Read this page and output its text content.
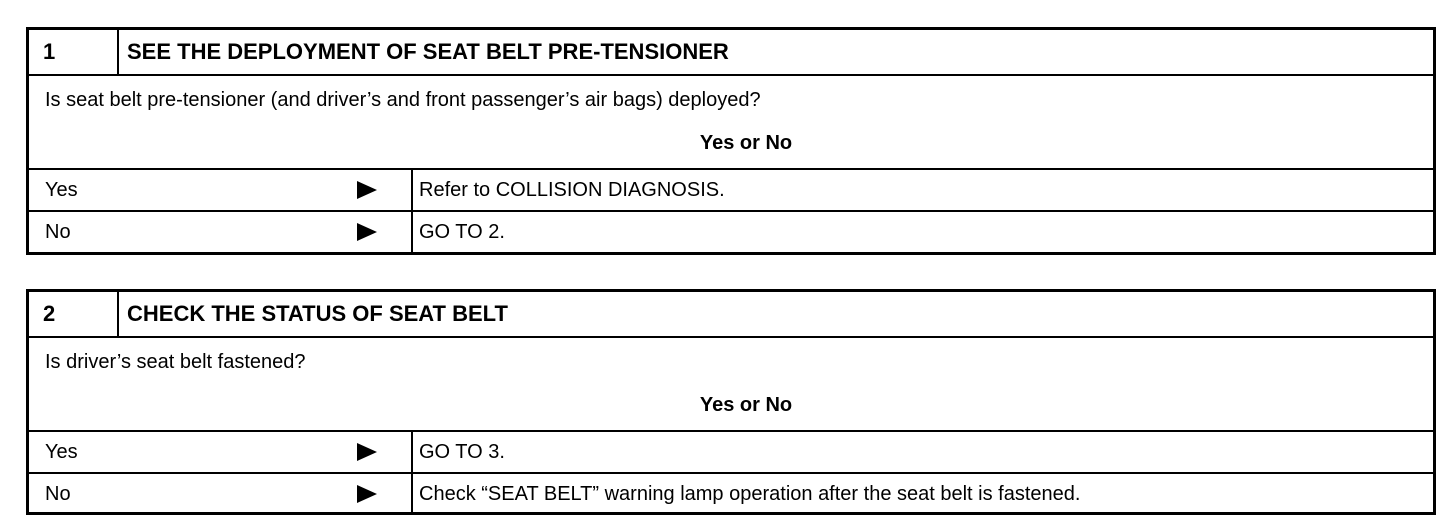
1	SEE THE DEPLOYMENT OF SEAT BELT PRE-TENSIONER
Is seat belt pre-tensioner (and driver’s and front passenger’s air bags) deployed?
Yes or No
Yes	Refer to COLLISION DIAGNOSIS.
No	GO TO 2.
2	CHECK THE STATUS OF SEAT BELT
Is driver’s seat belt fastened?
Yes or No
Yes	GO TO 3.
No	Check “SEAT BELT” warning lamp operation after the seat belt is fastened.
